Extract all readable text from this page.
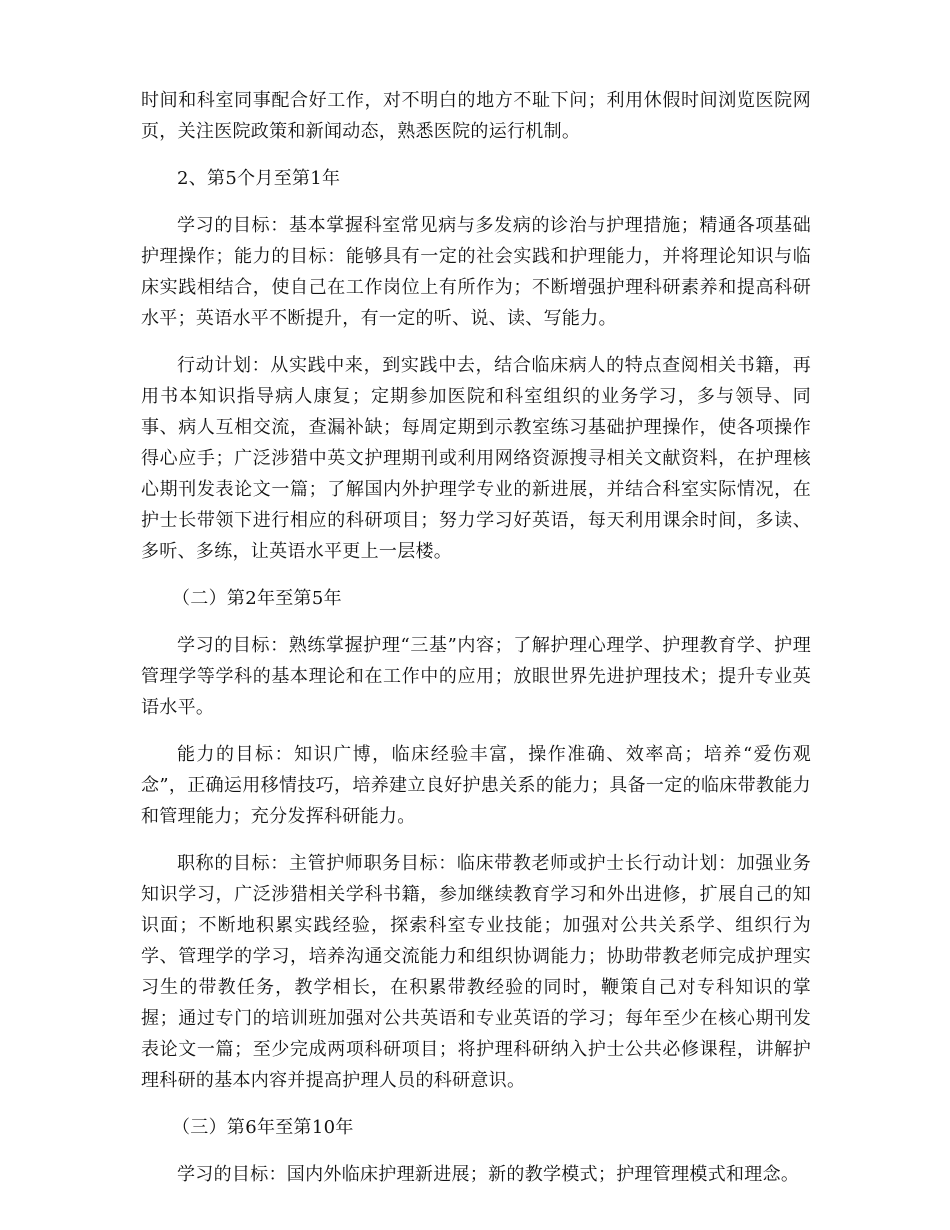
时间和科室同事配合好工作，对不明白的地方不耻下问；利用休假时间浏览医院网页，关注医院政策和新闻动态，熟悉医院的运行机制。

2、第5个月至第1年

学习的目标：基本掌握科室常见病与多发病的诊治与护理措施；精通各项基础护理操作；能力的目标：能够具有一定的社会实践和护理能力，并将理论知识与临床实践相结合，使自己在工作岗位上有所作为；不断增强护理科研素养和提高科研水平；英语水平不断提升，有一定的听、说、读、写能力。

行动计划：从实践中来，到实践中去，结合临床病人的特点查阅相关书籍，再用书本知识指导病人康复；定期参加医院和科室组织的业务学习，多与领导、同事、病人互相交流，查漏补缺；每周定期到示教室练习基础护理操作，使各项操作得心应手；广泛涉猎中英文护理期刊或利用网络资源搜寻相关文献资料，在护理核心期刊发表论文一篇；了解国内外护理学专业的新进展，并结合科室实际情况，在护士长带领下进行相应的科研项目；努力学习好英语，每天利用课余时间，多读、多听、多练，让英语水平更上一层楼。

（二）第2年至第5年

学习的目标：熟练掌握护理“三基”内容；了解护理心理学、护理教育学、护理管理学等学科的基本理论和在工作中的应用；放眼世界先进护理技术；提升专业英语水平。

能力的目标：知识广博，临床经验丰富，操作准确、效率高；培养“爱伤观念”，正确运用移情技巧，培养建立良好护患关系的能力；具备一定的临床带教能力和管理能力；充分发挥科研能力。

职称的目标：主管护师职务目标：临床带教老师或护士长行动计划：加强业务知识学习，广泛涉猎相关学科书籍，参加继续教育学习和外出进修，扩展自己的知识面；不断地积累实践经验，探索科室专业技能；加强对公共关系学、组织行为学、管理学的学习，培养沟通交流能力和组织协调能力；协助带教老师完成护理实习生的带教任务，教学相长，在积累带教经验的同时，鞭策自己对专科知识的掌握；通过专门的培训班加强对公共英语和专业英语的学习；每年至少在核心期刊发表论文一篇；至少完成两项科研项目；将护理科研纳入护士公共必修课程，讲解护理科研的基本内容并提高护理人员的科研意识。

（三）第6年至第10年

学习的目标：国内外临床护理新进展；新的教学模式；护理管理模式和理念。
